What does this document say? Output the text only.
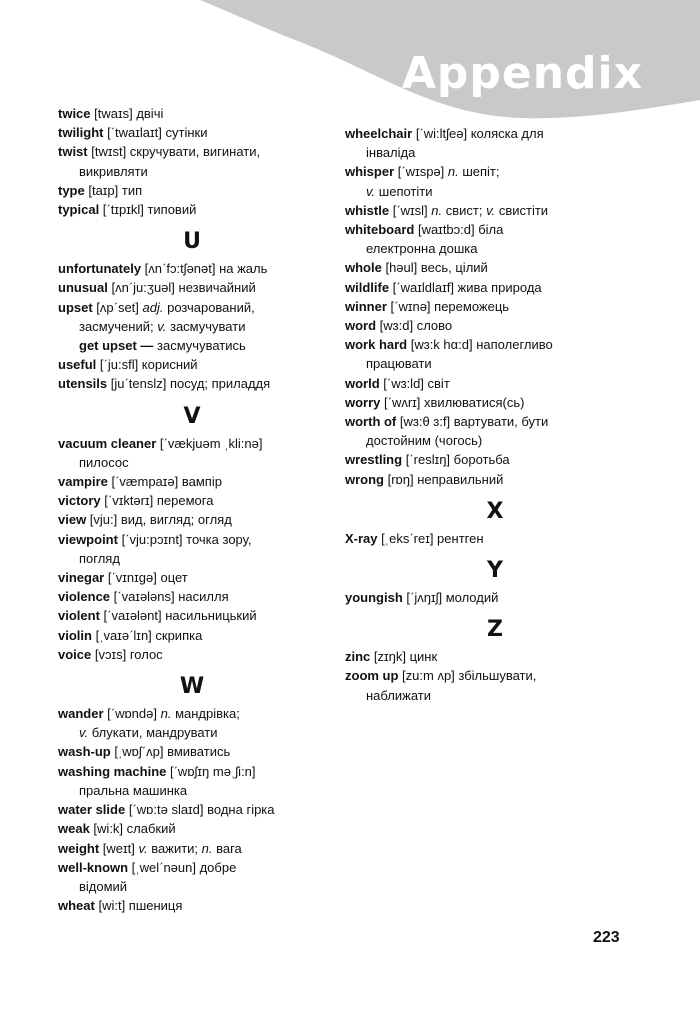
Appendix
twice [twaɪs] двічі
twilight [ˊtwaɪlaɪt] сутінки
twist [twɪst] скручувати, вигинати,
викривляти
type [taɪp] тип
typical [ˊtɪpɪkl] типовий
U
unfortunately [ʌnˊfɔ:tʃənət] на жаль
unusual [ʌnˊju:ʒuəl] незвичайний
upset [ʌpˊset] adj. розчарований,
засмучений; v. засмучувати
get upset — засмучуватись
useful [ˊju:sfl] корисний
utensils [juˊtenslz] посуд; приладдя
V
vacuum cleaner [ˊvækjuəm ˌkli:nə]
пилосос
vampire [ˊvæmpaɪə] вампір
victory [ˊvɪktərɪ] перемога
view [vju:] вид, вигляд; огляд
viewpoint [ˊvju:pɔɪnt] точка зору,
погляд
vinegar [ˊvɪnɪgə] оцет
violence [ˊvaɪələns] насилля
violent [ˊvaɪələnt] насильницький
violin [ˌvaɪəˊlɪn] скрипка
voice [vɔɪs] голос
W
wander [ˊwɒndə] n. мандрівка;
v. блукати, мандрувати
wash-up [ˌwɒʃˊʌp] вмиватись
washing machine [ˊwɒʃɪŋ məˌʃi:n]
пральна машинка
water slide [ˊwɒ:tə slaɪd] водна гірка
weak [wi:k] слабкий
weight [weɪt] v. важити; n. вага
well-known [ˌwelˊnəun] добре
відомий
wheat [wi:t] пшениця
wheelchair [ˊwi:ltʃeə] коляска для
інваліда
whisper [ˊwɪspə] n. шепіт;
v. шепотіти
whistle [ˊwɪsl] n. свист; v. свистіти
whiteboard [waɪtbɔ:d] біла
електронна дошка
whole [həul] весь, цілий
wildlife [ˊwaɪldlaɪf] жива природа
winner [ˊwɪnə] переможець
word [wɜ:d] слово
work hard [wɜ:k hα:d] наполегливо
працювати
world [ˊwɜ:ld] світ
worry [ˊwʌrɪ] хвилюватися(сь)
worth of [wɜ:θ ɜ:f] вартувати, бути
достойним (чогось)
wrestling [ˊreslɪŋ] боротьба
wrong [rɒŋ] неправильний
X
X-ray [ˌeksˊreɪ] рентген
Y
youngish [ˊjʌŋɪʃ] молодий
Z
zinc [zɪŋk] цинк
zoom up [zu:m ʌp] збільшувати,
наближати
223
